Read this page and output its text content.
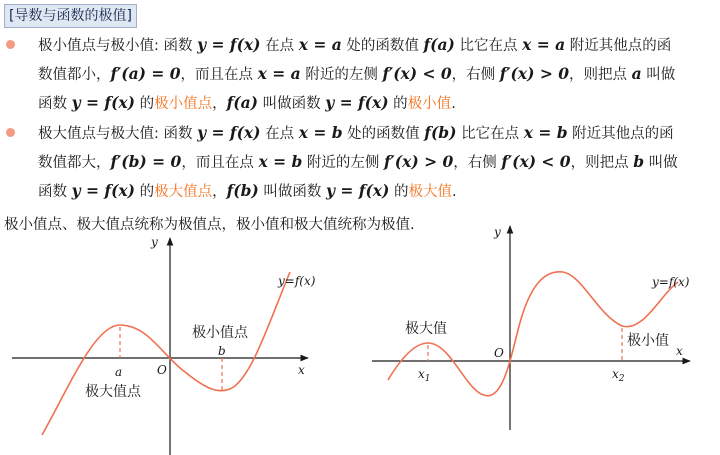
[导数与函数的极值]
极小值点与极小值: 函数 y = f(x) 在点 x = a 处的函数值 f(a) 比它在点 x = a 附近其他点的函
数值都小，f′(a) = 0，而且在点 x = a 附近的左侧 f′(x) < 0，右侧 f′(x) > 0，则把点 a 叫做
函数 y = f(x) 的极小值点，f(a) 叫做函数 y = f(x) 的极小值.
极大值点与极大值: 函数 y = f(x) 在点 x = b 处的函数值 f(b) 比它在点 x = b 附近其他点的函
数值都大，f′(b) = 0，而且在点 x = b 附近的左侧 f′(x) > 0，右侧 f′(x) < 0，则把点 b 叫做
函数 y = f(x) 的极大值点，f(b) 叫做函数 y = f(x) 的极大值.
极小值点、极大值点统称为极值点，极小值和极大值统称为极值.
y
x
O
y=f(x)
a
b
极小值点
极大值点
y
x
O
y=f(x)
$x_1$	$x_2$
极大值
极小值
